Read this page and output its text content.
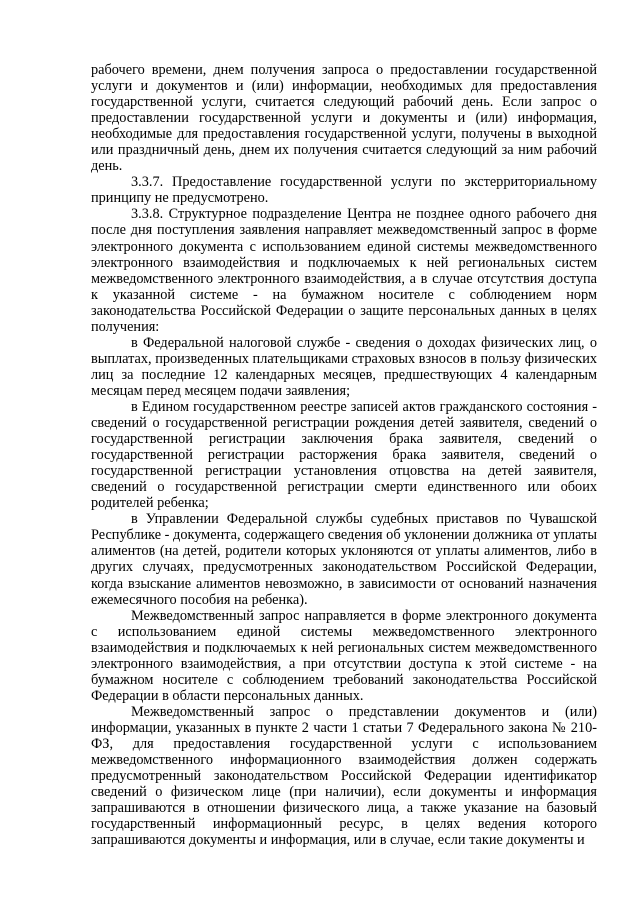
рабочего времени, днем получения запроса о предоставлении государственной услуги и документов и (или) информации, необходимых для предоставления государственной услуги, считается следующий рабочий день. Если запрос о предоставлении государственной услуги и документы и (или) информация, необходимые для предоставления государственной услуги, получены в выходной или праздничный день, днем их получения считается следующий за ним рабочий день.

3.3.7. Предоставление государственной услуги по экстерриториальному принципу не предусмотрено.

3.3.8. Структурное подразделение Центра не позднее одного рабочего дня после дня поступления заявления направляет межведомственный запрос в форме электронного документа с использованием единой системы межведомственного электронного взаимодействия и подключаемых к ней региональных систем межведомственного электронного взаимодействия, а в случае отсутствия доступа к указанной системе - на бумажном носителе с соблюдением норм законодательства Российской Федерации о защите персональных данных в целях получения:

в Федеральной налоговой службе - сведения о доходах физических лиц, о выплатах, произведенных плательщиками страховых взносов в пользу физических лиц за последние 12 календарных месяцев, предшествующих 4 календарным месяцам перед месяцем подачи заявления;

в Едином государственном реестре записей актов гражданского состояния - сведений о государственной регистрации рождения детей заявителя, сведений о государственной регистрации заключения брака заявителя, сведений о государственной регистрации расторжения брака заявителя, сведений о государственной регистрации установления отцовства на детей заявителя, сведений о государственной регистрации смерти единственного или обоих родителей ребенка;

в Управлении Федеральной службы судебных приставов по Чувашской Республике - документа, содержащего сведения об уклонении должника от уплаты алиментов (на детей, родители которых уклоняются от уплаты алиментов, либо в других случаях, предусмотренных законодательством Российской Федерации, когда взыскание алиментов невозможно, в зависимости от оснований назначения ежемесячного пособия на ребенка).

Межведомственный запрос направляется в форме электронного документа с использованием единой системы межведомственного электронного взаимодействия и подключаемых к ней региональных систем межведомственного электронного взаимодействия, а при отсутствии доступа к этой системе - на бумажном носителе с соблюдением требований законодательства Российской Федерации в области персональных данных.

Межведомственный запрос о представлении документов и (или) информации, указанных в пункте 2 части 1 статьи 7 Федерального закона № 210-ФЗ, для предоставления государственной услуги с использованием межведомственного информационного взаимодействия должен содержать предусмотренный законодательством Российской Федерации идентификатор сведений о физическом лице (при наличии), если документы и информация запрашиваются в отношении физического лица, а также указание на базовый государственный информационный ресурс, в целях ведения которого запрашиваются документы и информация, или в случае, если такие документы и
